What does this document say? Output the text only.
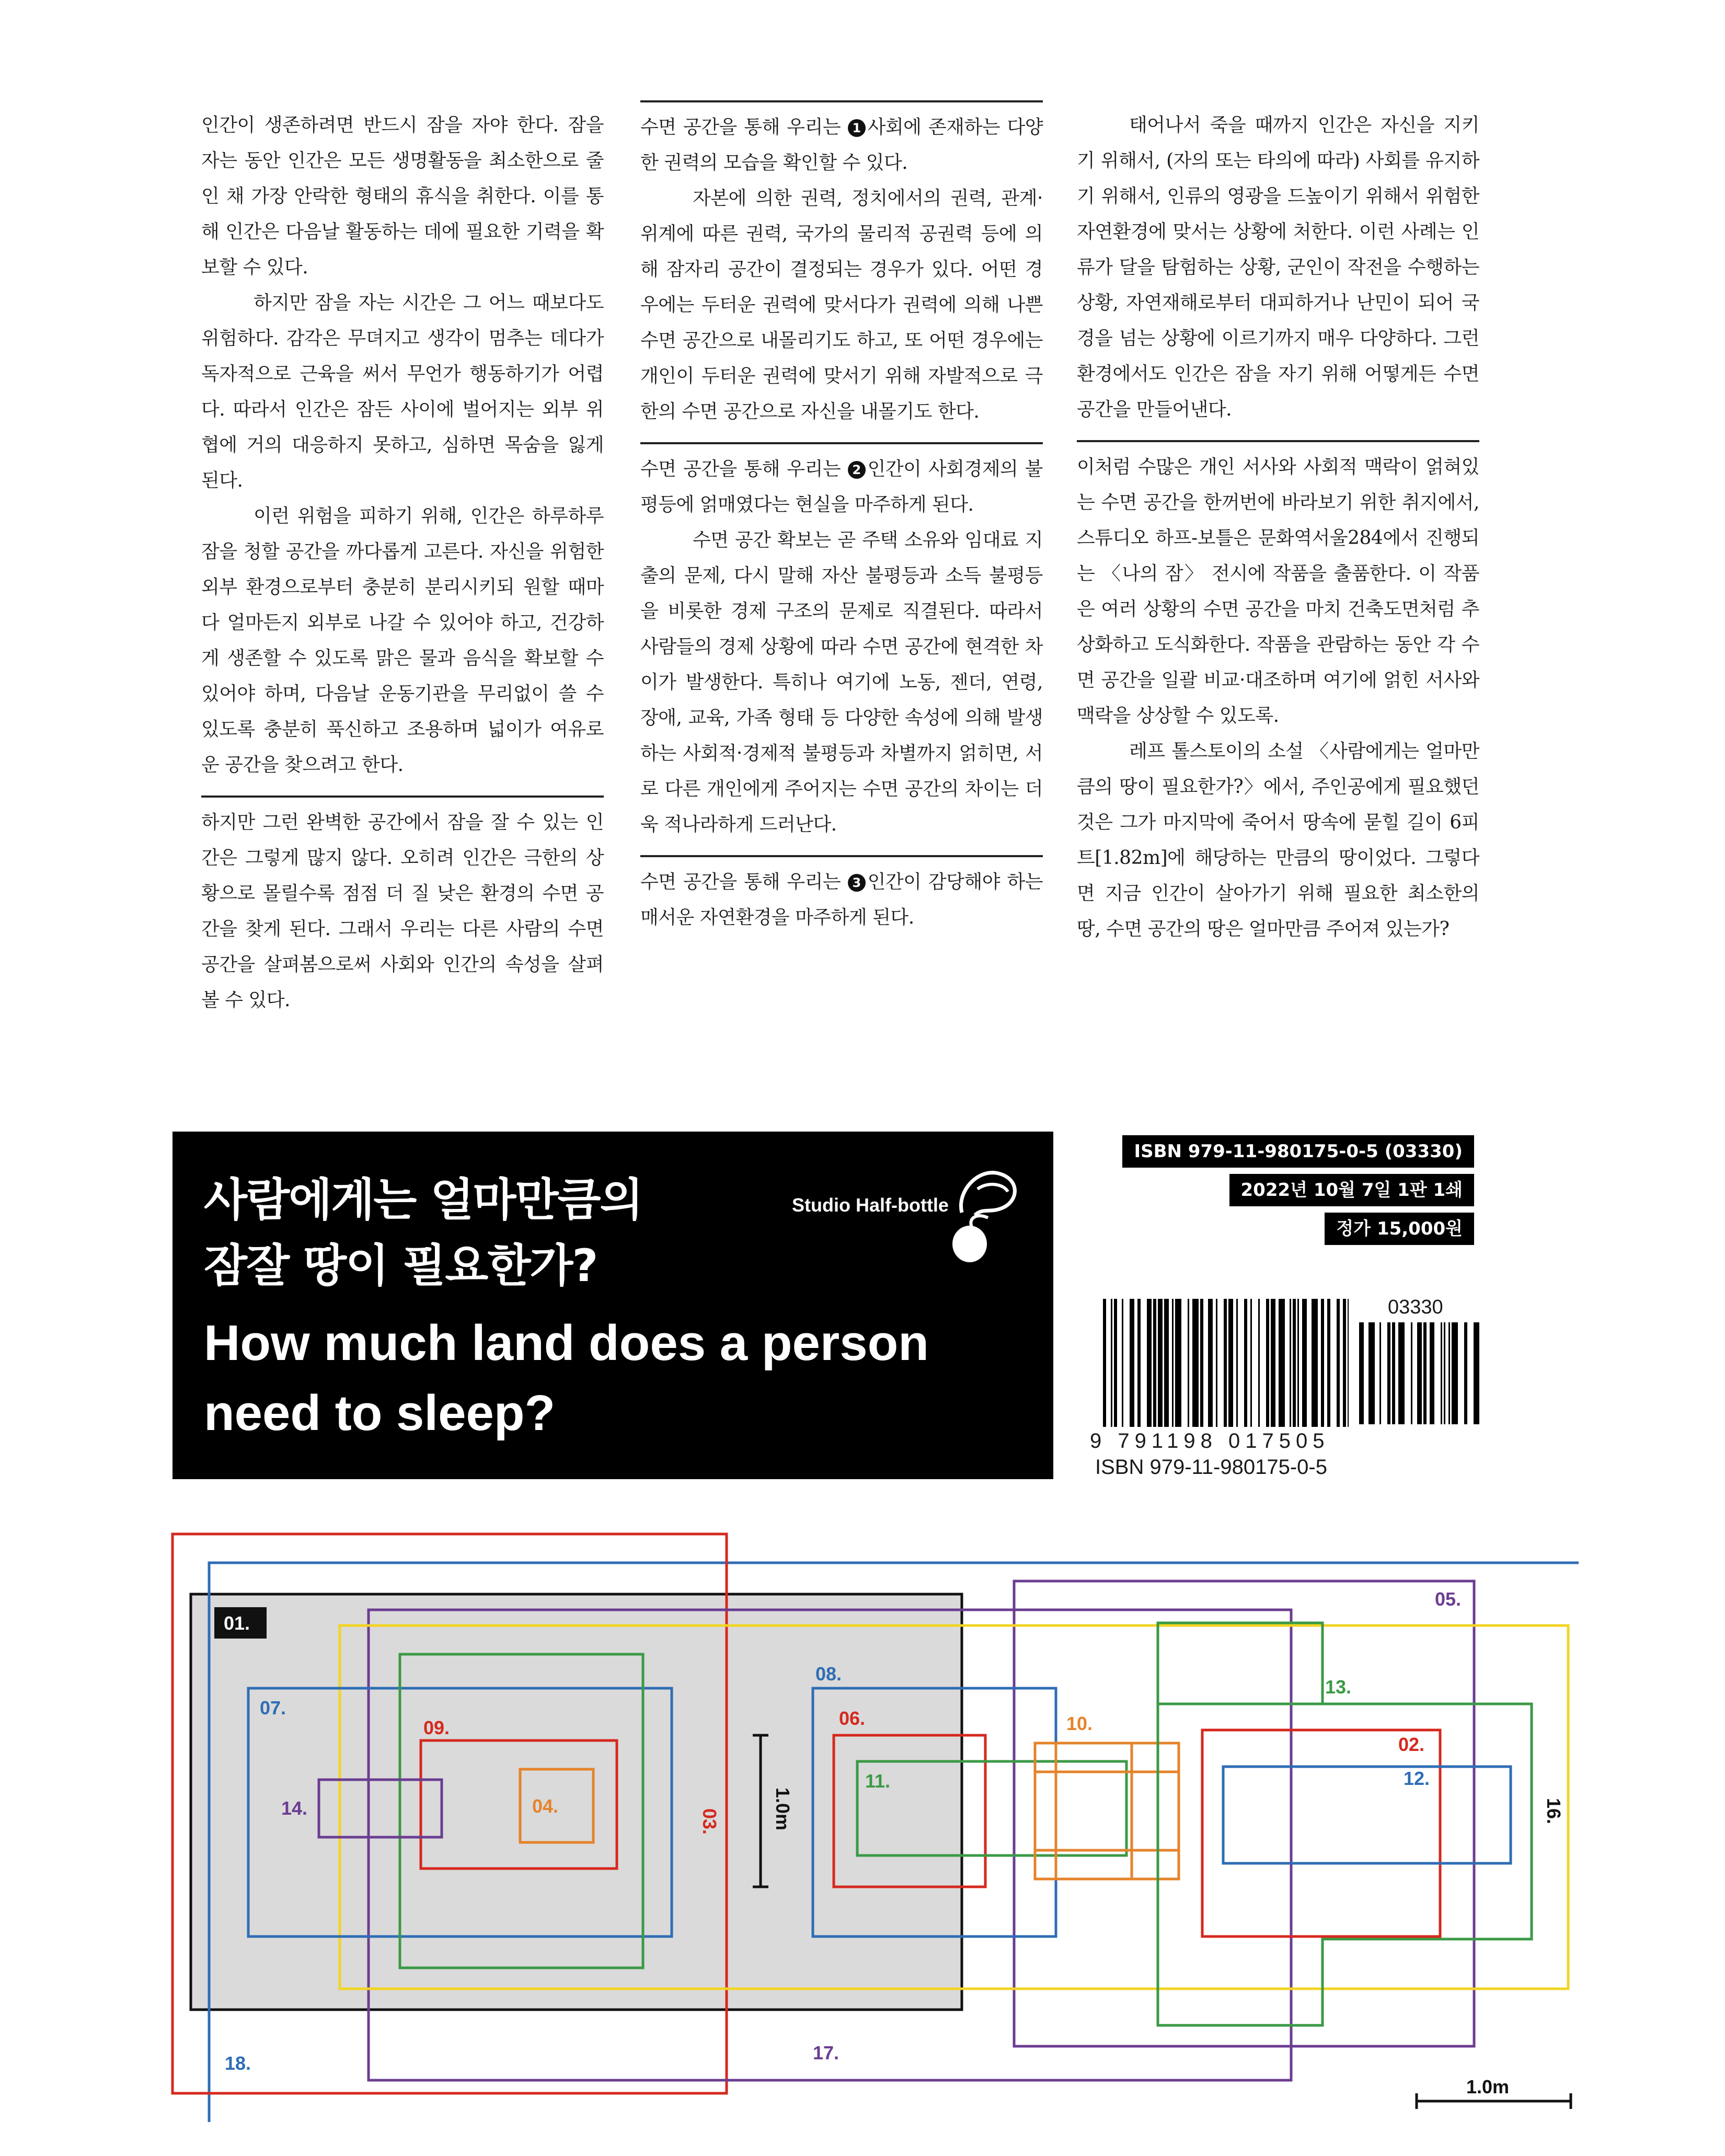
인간이 생존하려면 반드시 잠을 자야 한다. 잠을 자는 동안 인간은 모든 생명활동을 최소한으로 줄인 채 가장 안락한 형태의 휴식을 취한다. 이를 통해 인간은 다음날 활동하는 데에 필요한 기력을 확보할 수 있다.

하지만 잠을 자는 시간은 그 어느 때보다도 위험하다. 감각은 무뎌지고 생각이 멈추는 데다가 독자적으로 근육을 써서 무언가 행동하기가 어렵다. 따라서 인간은 잠든 사이에 벌어지는 외부 위협에 거의 대응하지 못하고, 심하면 목숨을 잃게 된다.

이런 위험을 피하기 위해, 인간은 하루하루 잠을 청할 공간을 까다롭게 고른다. 자신을 위험한 외부 환경으로부터 충분히 분리시키되 원할 때마다 얼마든지 외부로 나갈 수 있어야 하고, 건강하게 생존할 수 있도록 맑은 물과 음식을 확보할 수 있어야 하며, 다음날 운동기관을 무리없이 쓸 수 있도록 충분히 푹신하고 조용하며 넓이가 여유로운 공간을 찾으려고 한다.

하지만 그런 완벽한 공간에서 잠을 잘 수 있는 인간은 그렇게 많지 않다. 오히려 인간은 극한의 상황으로 몰릴수록 점점 더 질 낮은 환경의 수면 공간을 찾게 된다. 그래서 우리는 다른 사람의 수면 공간을 살펴봄으로써 사회와 인간의 속성을 살펴볼 수 있다.

수면 공간을 통해 우리는 1 사회에 존재하는 다양한 권력의 모습을 확인할 수 있다.

자본에 의한 권력, 정치에서의 권력, 관계·위계에 따른 권력, 국가의 물리적 공권력 등에 의해 잠자리 공간이 결정되는 경우가 있다. 어떤 경우에는 두터운 권력에 맞서다가 권력에 의해 나쁜 수면 공간으로 내몰리기도 하고, 또 어떤 경우에는 개인이 두터운 권력에 맞서기 위해 자발적으로 극한의 수면 공간으로 자신을 내몰기도 한다.

수면 공간을 통해 우리는 2 인간이 사회경제의 불평등에 얽매였다는 현실을 마주하게 된다.

수면 공간 확보는 곧 주택 소유와 임대료 지출의 문제, 다시 말해 자산 불평등과 소득 불평등을 비롯한 경제 구조의 문제로 직결된다. 따라서 사람들의 경제 상황에 따라 수면 공간에 현격한 차이가 발생한다. 특히나 여기에 노동, 젠더, 연령, 장애, 교육, 가족 형태 등 다양한 속성에 의해 발생하는 사회적·경제적 불평등과 차별까지 얽히면, 서로 다른 개인에게 주어지는 수면 공간의 차이는 더욱 적나라하게 드러난다.

수면 공간을 통해 우리는 3 인간이 감당해야 하는 매서운 자연환경을 마주하게 된다.

태어나서 죽을 때까지 인간은 자신을 지키기 위해서, (자의 또는 타의에 따라) 사회를 유지하기 위해서, 인류의 영광을 드높이기 위해서 위험한 자연환경에 맞서는 상황에 처한다. 이런 사례는 인류가 달을 탐험하는 상황, 군인이 작전을 수행하는 상황, 자연재해로부터 대피하거나 난민이 되어 국경을 넘는 상황에 이르기까지 매우 다양하다. 그런 환경에서도 인간은 잠을 자기 위해 어떻게든 수면 공간을 만들어낸다.

이처럼 수많은 개인 서사와 사회적 맥락이 얽혀있는 수면 공간을 한꺼번에 바라보기 위한 취지에서, 스튜디오 하프-보틀은 문화역서울284에서 진행되는 〈나의 잠〉 전시에 작품을 출품한다. 이 작품은 여러 상황의 수면 공간을 마치 건축도면처럼 추상화하고 도식화한다. 작품을 관람하는 동안 각 수면 공간을 일괄 비교·대조하며 여기에 얽힌 서사와 맥락을 상상할 수 있도록.

레프 톨스토이의 소설 〈사람에게는 얼마만큼의 땅이 필요한가?〉에서, 주인공에게 필요했던 것은 그가 마지막에 죽어서 땅속에 묻힐 길이 6피트[1.82m]에 해당하는 만큼의 땅이었다. 그렇다면 지금 인간이 살아가기 위해 필요한 최소한의 땅, 수면 공간의 땅은 얼마만큼 주어져 있는가?

사람에게는 얼마만큼의
잠잘 땅이 필요한가?
How much land does a person
need to sleep?
Studio Half-bottle
ISBN 979-11-980175-0-5 (03330)
2022년 10월 7일 1판 1쇄
정가 15,000원
03330
9 791198 017505
ISBN 979-11-980175-0-5
01.
05.
07.
09.
14.	04.
03.	1.0m
08.
06.
11.
10.
13.
02.
12.
16.
17.
18.
1.0m
